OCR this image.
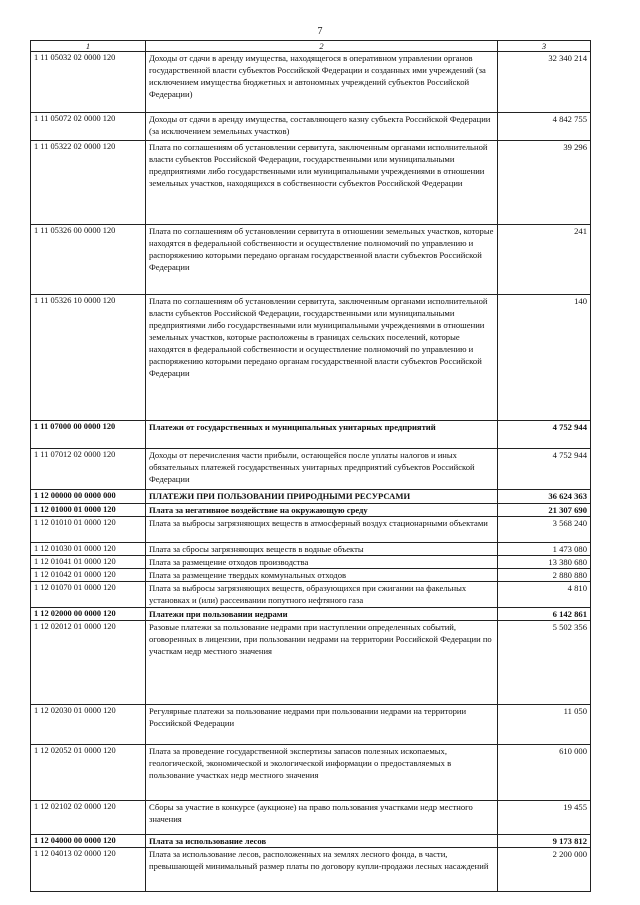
7
1	2	3
1 11 05032 02 0000 120	Доходы от сдачи в аренду имущества, находящегося в оперативном управлении органов государственной власти субъектов Российской Федерации и созданных ими учреждений (за исключением имущества бюджетных и автономных учреждений субъектов Российской Федерации)	32 340 214
1 11 05072 02 0000 120	Доходы от сдачи в аренду имущества, составляющего казну субъекта Российской Федерации (за исключением земельных участков)	4 842 755
1 11 05322 02 0000 120	Плата по соглашениям об установлении сервитута, заключенным органами исполнительной власти субъектов Российской Федерации, государственными или муниципальными предприятиями либо государственными или муниципальными учреждениями в отношении земельных участков, находящихся в собственности субъектов Российской Федерации	39 296
1 11 05326 00 0000 120	Плата по соглашениям об установлении сервитута в отношении земельных участков, которые находятся в федеральной собственности и осуществление полномочий по управлению и распоряжению которыми передано органам государственной власти субъектов Российской Федерации	241
1 11 05326 10 0000 120	Плата по соглашениям об установлении сервитута, заключенным органами исполнительной власти субъектов Российской Федерации, государственными или муниципальными предприятиями либо государственными или муниципальными учреждениями в отношении земельных участков, которые расположены в границах сельских поселений, которые находятся в федеральной собственности и осуществление полномочий по управлению и распоряжению которыми передано органам государственной власти субъектов Российской Федерации	140
1 11 07000 00 0000 120	Платежи от государственных и муниципальных унитарных предприятий	4 752 944
1 11 07012 02 0000 120	Доходы от перечисления части прибыли, остающейся после уплаты налогов и иных обязательных платежей государственных унитарных предприятий субъектов Российской Федерации	4 752 944
1 12 00000 00 0000 000	ПЛАТЕЖИ ПРИ ПОЛЬЗОВАНИИ ПРИРОДНЫМИ РЕСУРСАМИ	36 624 363
1 12 01000 01 0000 120	Плата за негативное воздействие на окружающую среду	21 307 690
1 12 01010 01 0000 120	Плата за выбросы загрязняющих веществ в атмосферный воздух стационарными объектами	3 568 240
1 12 01030 01 0000 120	Плата за сбросы загрязняющих веществ в водные объекты	1 473 080
1 12 01041 01 0000 120	Плата за размещение отходов производства	13 380 680
1 12 01042 01 0000 120	Плата за размещение твердых коммунальных отходов	2 880 880
1 12 01070 01 0000 120	Плата за выбросы загрязняющих веществ, образующихся при сжигании на факельных установках и (или) рассеивании попутного нефтяного газа	4 810
1 12 02000 00 0000 120	Платежи при пользовании недрами	6 142 861
1 12 02012 01 0000 120	Разовые платежи за пользование недрами при наступлении определенных событий, оговоренных в лицензии, при пользовании недрами на территории Российской Федерации по участкам недр местного значения	5 502 356
1 12 02030 01 0000 120	Регулярные платежи за пользование недрами при пользовании недрами на территории Российской Федерации	11 050
1 12 02052 01 0000 120	Плата за проведение государственной экспертизы запасов полезных ископаемых, геологической, экономической и экологической информации о предоставляемых в пользование участках недр местного значения	610 000
1 12 02102 02 0000 120	Сборы за участие в конкурсе (аукционе) на право пользования участками недр местного значения	19 455
1 12 04000 00 0000 120	Плата за использование лесов	9 173 812
1 12 04013 02 0000 120	Плата за использование лесов, расположенных на землях лесного фонда, в части, превышающей минимальный размер платы по договору купли-продажи лесных насаждений	2 200 000
